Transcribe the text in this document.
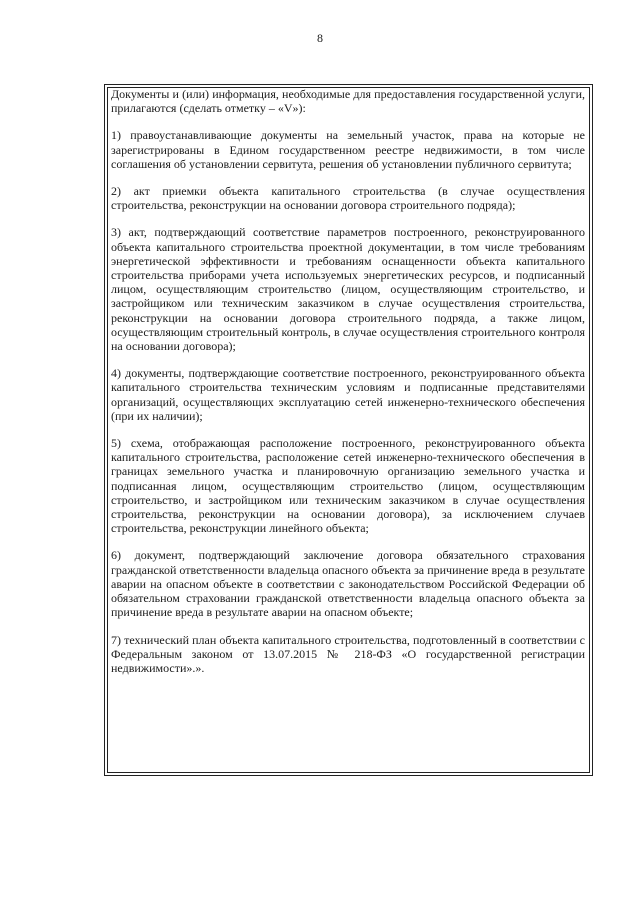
8

Документы и (или) информация, необходимые для предоставления государственной услуги, прилагаются (сделать отметку – «V»):

1) правоустанавливающие документы на земельный участок, права на которые не зарегистрированы в Едином государственном реестре недвижимости, в том числе соглашения об установлении сервитута, решения об установлении публичного сервитута;

2) акт приемки объекта капитального строительства (в случае осуществления строительства, реконструкции на основании договора строительного подряда);

3) акт, подтверждающий соответствие параметров построенного, реконструированного объекта капитального строительства проектной документации, в том числе требованиям энергетической эффективности и требованиям оснащенности объекта капитального строительства приборами учета используемых энергетических ресурсов, и подписанный лицом, осуществляющим строительство (лицом, осуществляющим строительство, и застройщиком или техническим заказчиком в случае осуществления строительства, реконструкции на основании договора строительного подряда, а также лицом, осуществляющим строительный контроль, в случае осуществления строительного контроля на основании договора);

4) документы, подтверждающие соответствие построенного, реконструированного объекта капитального строительства техническим условиям и подписанные представителями организаций, осуществляющих эксплуатацию сетей инженерно-технического обеспечения (при их наличии);

5) схема, отображающая расположение построенного, реконструированного объекта капитального строительства, расположение сетей инженерно-технического обеспечения в границах земельного участка и планировочную организацию земельного участка и подписанная лицом, осуществляющим строительство (лицом, осуществляющим строительство, и застройщиком или техническим заказчиком в случае осуществления строительства, реконструкции на основании договора), за исключением случаев строительства, реконструкции линейного объекта;

6) документ, подтверждающий заключение договора обязательного страхования гражданской ответственности владельца опасного объекта за причинение вреда в результате аварии на опасном объекте в соответствии с законодательством Российской Федерации об обязательном страховании гражданской ответственности владельца опасного объекта за причинение вреда в результате аварии на опасном объекте;

7) технический план объекта капитального строительства, подготовленный в соответствии с Федеральным законом от 13.07.2015 № 218-ФЗ «О государственной регистрации недвижимости».».
